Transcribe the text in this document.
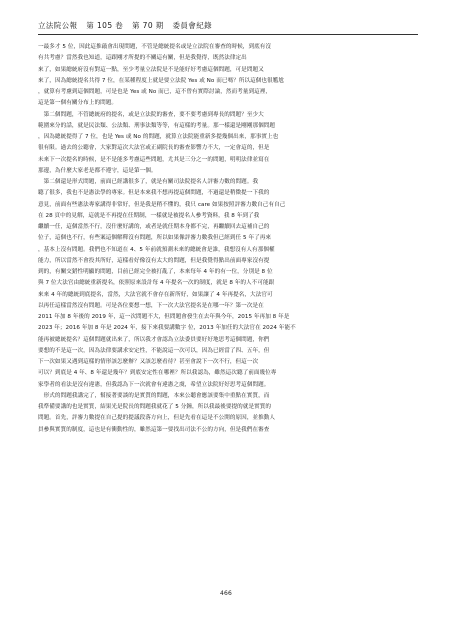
立法院公報 第 105 卷 第 70 期 委員會紀錄
一最多才 5 位，因此這推敲會出現問題，不管是總統提名或是立法院在審查的時候，到底有沒
有共考慮？當然我也知道，這跟剛才所提的不關這有關，但是我覺得，既然法律定出
來了，如果總統府沒有對這一點，至少考量立法院是不是能好好考慮這個問題，可是問題又
來了，因為總統提名共得 7 位，在某種程度上就是要立法院 Yes 或 No 而已嗎？所以這個也很尷尬
，就算有考慮到這個問題，可是也是 Yes 或 No 而已，這不曾有實際討論，然而考量到這裡，
這是第一個有關分布上的問題。
　第二個問題，不管總統府的提名，或是立法院的審查，要不要考慮到專長的問題？至少大
範圍來分的話，就是民法類、公法類、刑事法類等等，有這樣的考量。那一樣還是剛剛那個問題
，因為總統提得了 7 位，也是 Yes 或 No 的問題，就算立法院能重新多提幾個出來，那事實上也
很有限。過去的公聽會，大家對這次大法官或正副院長的審查影響力不大，一定會這的，但是
未來下一次提名的時候，是不是能多考慮這些問題，尤其是三分之一的問題，明明法律並寫在
那邊，為什麼大家老是都不遵守，這是第一個。
　第二個還是形式問題，前面已經講很多了，就是有關司法院提名人評審力數的問題。我
聽了很多，我也不是憲法學的專家。但是本來我不想再提這個問題，不過還是稍微提一下我的
意見，前面有些憲法專家講得非常好，但是我是稍不懂的，我只 care 如果按照評審力數自己有自己
在 28 頁中的見解，這就是不再提在任期制，一樣就是被提名人參考資料，我 8 年到了我
繼續一任，這個當然不行，沒什麼好講的，或者是就任期本身都不完，再繼續回去這補自己的
位子，這個也不行，有些案這個解釋沒有問題，所以如果像評審力數我但已經到任 5 年了再來
，基本上沒有問題。我們也不知道在 4、5 年前就預測未來的總統會是誰，我想沒有人有那個權
能力，所以當然不會投其所好，這樣看好像沒有太大的問題，但是我覺得點出前面專家沒有提
到的，有關交錯性明顯的問題，目前已經完全被打亂了，本來每年 4 年的有一位，分別是 8 位
與 7 位大法官由總統重新提名，依照原來設計每 4 年提名一次的制度，就是 8 年的人不可能跟
來來 4 年的總統到底提名，當然，大法官就不會存在新所好，如果讓了 4 年再提名，大法官可
以再任這樣當然沒有問題。可是各位要想一想，下一次大法官提名是在哪一年？第一次是在
2011 年加 8 年後的 2019 年，這一次問題不大，但問題會發生在去年與今年，2015 年再加 8 年是
2023 年；2016 年加 8 年是 2024 年，接下來我要講數字 位，2013 年加任的大法官在 2024 年能不
能再被總統提名？這個問題就出來了，所以我才會認為立法委員要好好地思考這個問題，你們
要想的不是這一次，因為法律要講求安定性，不能說這一次可以，因為已經當了四、五年，但
下一次如果又遇到這樣的情形該怎麼辦？又該怎麼看待？甚至會說下一次不行，但這一次
可以？到底是 4 年、8 年還是幾年？到底安定性在哪裡？所以我認為，雖然這次聽了前面幾位專
家學者的看法是沒有違憲，但我認為下一次就會有違憲之虞，希望立法院好好思考這個問題。
　形式的問題我講完了，幫接著要談的是實質的問題，本來公聽會應該要集中重點在實質，而
我準備要講的也是實質，結果光是院長的問題我就花了 5 分鐘，所以我最後要提的就是實質的
問題。首先，評審力數提在自己提的提議段落方向上，但是先看在這是不公開的原因，並推動人
員參與實質的制度，這也是有衝動性的，雖然這第一要找出司法不公的方向，但是我們在審查
466
